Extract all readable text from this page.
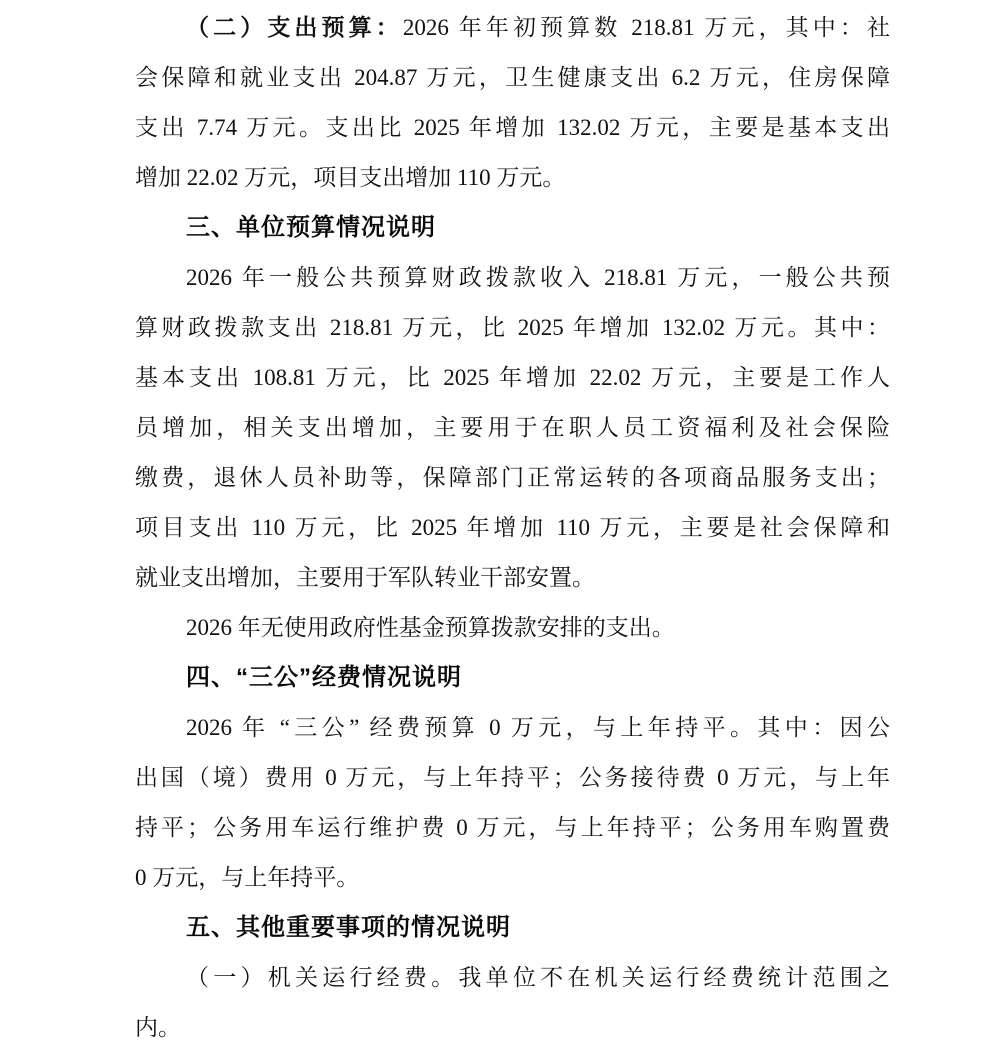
（二）支出预算：2026 年年初预算数 218.81 万元，其中：社
会保障和就业支出 204.87 万元，卫生健康支出 6.2 万元，住房保障
支出 7.74 万元。支出比 2025 年增加 132.02 万元，主要是基本支出
增加 22.02 万元，项目支出增加 110 万元。
三、单位预算情况说明
2026 年一般公共预算财政拨款收入 218.81 万元，一般公共预
算财政拨款支出 218.81 万元，比 2025 年增加 132.02 万元。其中：
基本支出 108.81 万元，比 2025 年增加 22.02 万元，主要是工作人
员增加，相关支出增加，主要用于在职人员工资福利及社会保险
缴费，退休人员补助等，保障部门正常运转的各项商品服务支出；
项目支出 110 万元，比 2025 年增加 110 万元，主要是社会保障和
就业支出增加，主要用于军队转业干部安置。
2026 年无使用政府性基金预算拨款安排的支出。
四、“三公”经费情况说明
2026 年 “三公” 经费预算 0 万元，与上年持平。其中：因公
出国（境）费用 0 万元，与上年持平；公务接待费 0 万元，与上年
持平；公务用车运行维护费 0 万元，与上年持平；公务用车购置费
0 万元，与上年持平。
五、其他重要事项的情况说明
（一）机关运行经费。我单位不在机关运行经费统计范围之
内。
